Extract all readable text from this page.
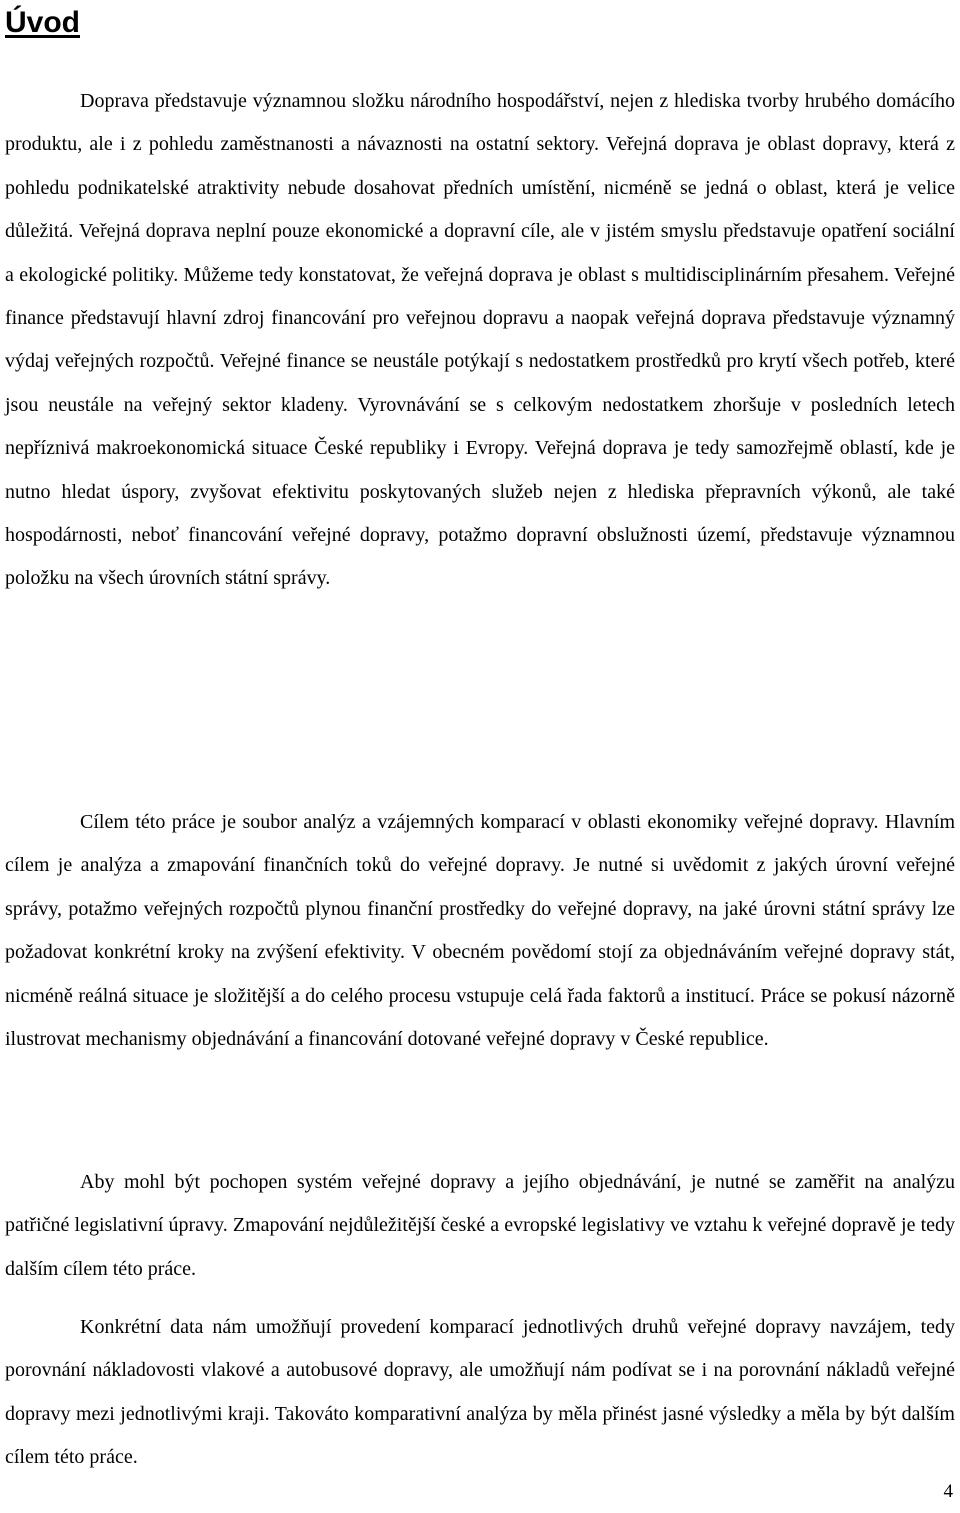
Úvod

Doprava představuje významnou složku národního hospodářství, nejen z hlediska tvorby hrubého domácího produktu, ale i z pohledu zaměstnanosti a návaznosti na ostatní sektory. Veřejná doprava je oblast dopravy, která z pohledu podnikatelské atraktivity nebude dosahovat předních umístění, nicméně se jedná o oblast, která je velice důležitá. Veřejná doprava neplní pouze ekonomické a dopravní cíle, ale v jistém smyslu představuje opatření sociální a ekologické politiky. Můžeme tedy konstatovat, že veřejná doprava je oblast s multidisciplinárním přesahem. Veřejné finance představují hlavní zdroj financování pro veřejnou dopravu a naopak veřejná doprava představuje významný výdaj veřejných rozpočtů. Veřejné finance se neustále potýkají s nedostatkem prostředků pro krytí všech potřeb, které jsou neustále na veřejný sektor kladeny. Vyrovnávání se s celkovým nedostatkem zhoršuje v posledních letech nepříznivá makroekonomická situace České republiky i Evropy. Veřejná doprava je tedy samozřejmě oblastí, kde je nutno hledat úspory, zvyšovat efektivitu poskytovaných služeb nejen z hlediska přepravních výkonů, ale také hospodárnosti, neboť financování veřejné dopravy, potažmo dopravní obslužnosti území, představuje významnou položku na všech úrovních státní správy.

Cílem této práce je soubor analýz a vzájemných komparací v oblasti ekonomiky veřejné dopravy. Hlavním cílem je analýza a zmapování finančních toků do veřejné dopravy. Je nutné si uvědomit z jakých úrovní veřejné správy, potažmo veřejných rozpočtů plynou finanční prostředky do veřejné dopravy, na jaké úrovni státní správy lze požadovat konkrétní kroky na zvýšení efektivity. V obecném povědomí stojí za objednáváním veřejné dopravy stát, nicméně reálná situace je složitější a do celého procesu vstupuje celá řada faktorů a institucí. Práce se pokusí názorně ilustrovat mechanismy objednávání a financování dotované veřejné dopravy v České republice.

Aby mohl být pochopen systém veřejné dopravy a jejího objednávání, je nutné se zaměřit na analýzu patřičné legislativní úpravy. Zmapování nejdůležitější české a evropské legislativy ve vztahu k veřejné dopravě je tedy dalším cílem této práce.

Konkrétní data nám umožňují provedení komparací jednotlivých druhů veřejné dopravy navzájem, tedy porovnání nákladovosti vlakové a autobusové dopravy, ale umožňují nám podívat se i na porovnání nákladů veřejné dopravy mezi jednotlivými kraji. Takováto komparativní analýza by měla přinést jasné výsledky a měla by být dalším cílem této práce.

4
